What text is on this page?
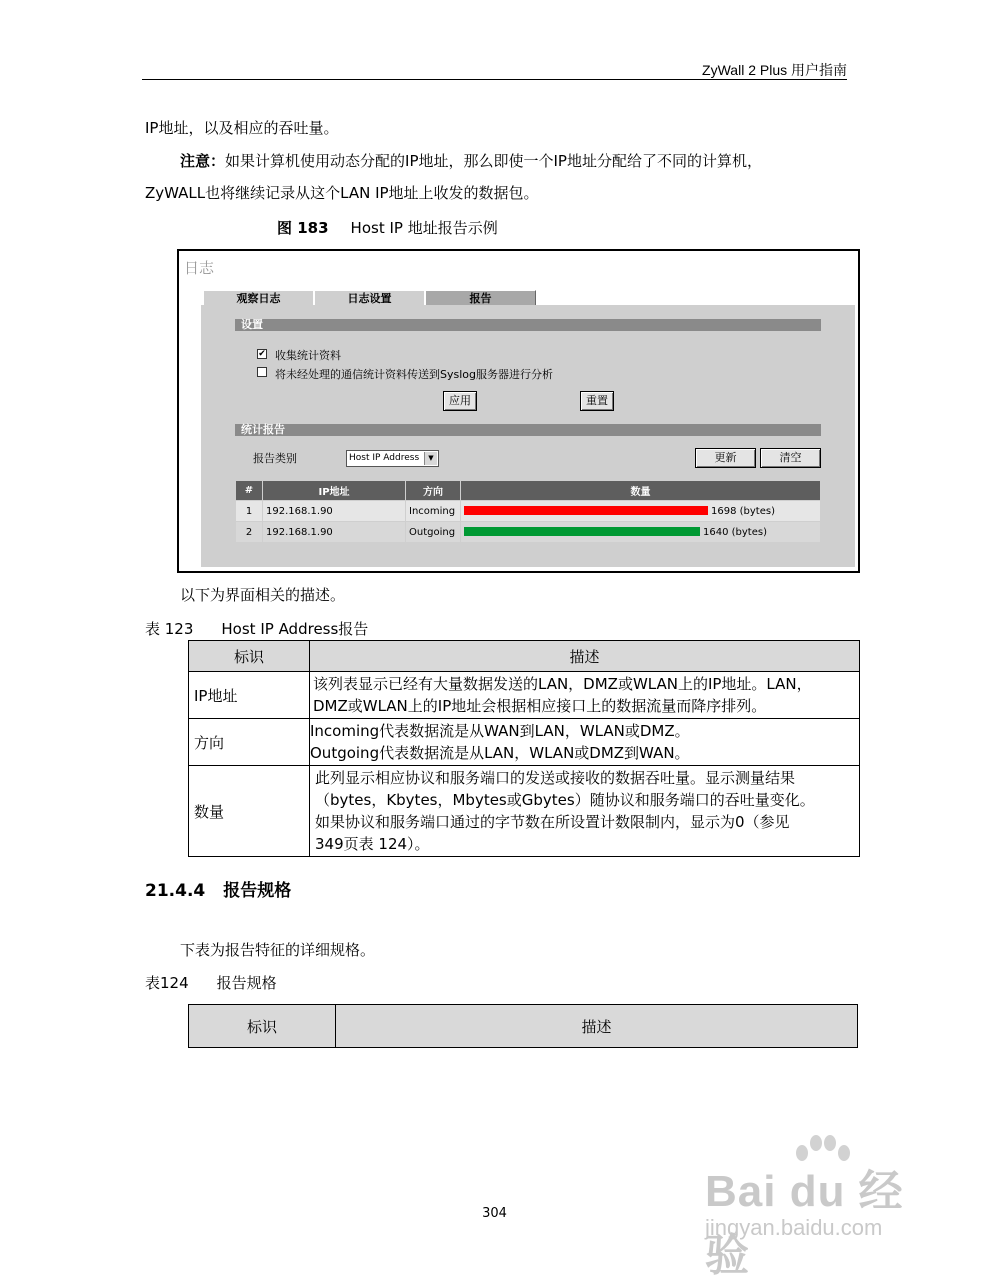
ZyWall 2 Plus 用户指南
IP地址，以及相应的吞吐量。
注意：如果计算机使用动态分配的IP地址，那么即使一个IP地址分配给了不同的计算机，
ZyWALL也将继续记录从这个LAN IP地址上收发的数据包。
图 183 Host IP 地址报告示例
日志
观察日志	日志设置	报告
设置
✔ 收集统计资料
将未经处理的通信统计资料传送到Syslog服务器进行分析
应用	重置
统计报告
报告类别	Host IP Address	▼	更新	清空
#	IP地址	方向	数量
1	192.168.1.90	Incoming	1698 (bytes)
2	192.168.1.90	Outgoing	1640 (bytes)
以下为界面相关的描述。
表 123 Host IP Address报告
标识	描述
IP地址	该列表显示已经有大量数据发送的LAN，DMZ或WLAN上的IP地址。LAN，
DMZ或WLAN上的IP地址会根据相应接口上的数据流量而降序排列。

方向	Incoming代表数据流是从WAN到LAN，WLAN或DMZ。
Outgoing代表数据流是从LAN，WLAN或DMZ到WAN。

数量	此列显示相应协议和服务端口的发送或接收的数据吞吐量。显示测量结果
（bytes，Kbytes，Mbytes或Gbytes）随协议和服务端口的吞吐量变化。
如果协议和服务端口通过的字节数在所设置计数限制内，显示为0（参见
349页表 124）。
21.4.4 报告规格
下表为报告特征的详细规格。
表124 报告规格
标识	描述
304	Bai du 经验
jingyan.baidu.com
